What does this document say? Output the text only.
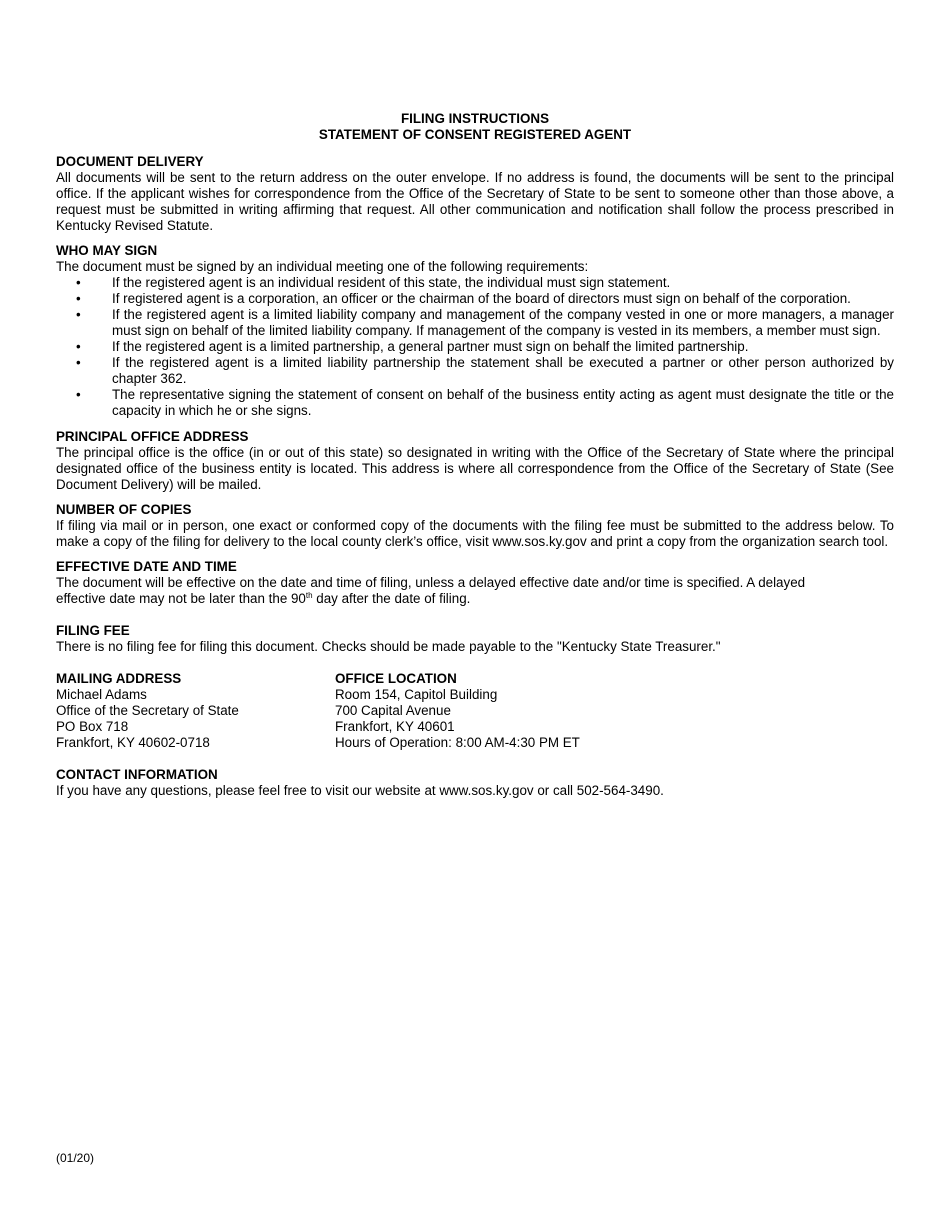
FILING INSTRUCTIONS
STATEMENT OF CONSENT REGISTERED AGENT
DOCUMENT DELIVERY

All documents will be sent to the return address on the outer envelope. If no address is found, the documents will be sent to the principal office. If the applicant wishes for correspondence from the Office of the Secretary of State to be sent to someone other than those above, a request must be submitted in writing affirming that request. All other communication and notification shall follow the process prescribed in Kentucky Revised Statute.

WHO MAY SIGN

The document must be signed by an individual meeting one of the following requirements:

• If the registered agent is an individual resident of this state, the individual must sign statement.
• If registered agent is a corporation, an officer or the chairman of the board of directors must sign on behalf of the corporation.
• If the registered agent is a limited liability company and management of the company vested in one or more managers, a manager must sign on behalf of the limited liability company. If management of the company is vested in its members, a member must sign.
• If the registered agent is a limited partnership, a general partner must sign on behalf the limited partnership.
• If the registered agent is a limited liability partnership the statement shall be executed a partner or other person authorized by chapter 362.
• The representative signing the statement of consent on behalf of the business entity acting as agent must designate the title or the capacity in which he or she signs.
PRINCIPAL OFFICE ADDRESS

The principal office is the office (in or out of this state) so designated in writing with the Office of the Secretary of State where the principal designated office of the business entity is located. This address is where all correspondence from the Office of the Secretary of State (See Document Delivery) will be mailed.

NUMBER OF COPIES

If filing via mail or in person, one exact or conformed copy of the documents with the filing fee must be submitted to the address below. To make a copy of the filing for delivery to the local county clerk’s office, visit www.sos.ky.gov and print a copy from the organization search tool.

EFFECTIVE DATE AND TIME

The document will be effective on the date and time of filing, unless a delayed effective date and/or time is specified. A delayed effective date may not be later than the 90th day after the date of filing.

FILING FEE

There is no filing fee for filing this document. Checks should be made payable to the "Kentucky State Treasurer."

MAILING ADDRESS
Michael Adams
Office of the Secretary of State
PO Box 718
Frankfort, KY 40602-0718
OFFICE LOCATION
Room 154, Capitol Building
700 Capital Avenue
Frankfort, KY 40601
Hours of Operation: 8:00 AM-4:30 PM ET
CONTACT INFORMATION

If you have any questions, please feel free to visit our website at www.sos.ky.gov or call 502-564-3490.

(01/20)
